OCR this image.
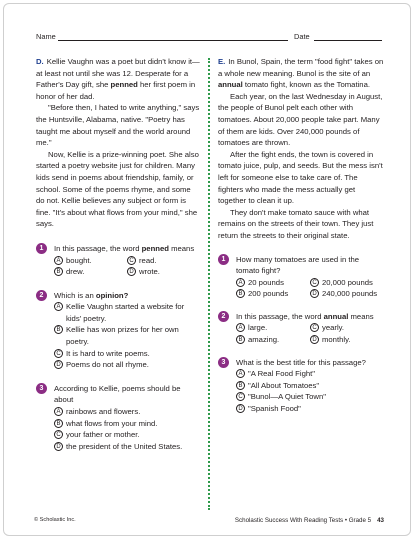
Name	Date

D. Kellie Vaughn was a poet but didn't know it—at least not until she was 12. Desperate for a Father's Day gift, she penned her first poem in honor of her dad.

"Before then, I hated to write anything," says the Huntsville, Alabama, native. "Poetry has taught me about myself and the world around me."

Now, Kellie is a prize-winning poet. She also started a poetry website just for children. Many kids send in poems about friendship, family, or school. Some of the poems rhyme, and some do not. Kellie believes any subject or form is fine. "It's about what flows from your mind," she says.

1	In this passage, the word penned means
A bought.	C read.
B drew.	D wrote.
2	Which is an opinion?
A Kellie Vaughn started a website for kids' poetry.
B Kellie has won prizes for her own poetry.
C It is hard to write poems.
D Poems do not all rhyme.
3	According to Kellie, poems should be about
A rainbows and flowers.
B what flows from your mind.
C your father or mother.
D the president of the United States.

E. In Bunol, Spain, the term "food fight" takes on a whole new meaning. Bunol is the site of an annual tomato fight, known as the Tomatina.

Each year, on the last Wednesday in August, the people of Bunol pelt each other with tomatoes. About 20,000 people take part. Many of them are kids. Over 240,000 pounds of tomatoes are thrown.

After the fight ends, the town is covered in tomato juice, pulp, and seeds. But the mess isn't left for someone else to take care of. The fighters who made the mess actually get together to clean it up.

They don't make tomato sauce with what remains on the streets of their town. They just return the streets to their original state.

1	How many tomatoes are used in the tomato fight?
A 20 pounds	C 20,000 pounds
B 200 pounds	D 240,000 pounds
2	In this passage, the word annual means
A large.	C yearly.
B amazing.	D monthly.
3	What is the best title for this passage?
A "A Real Food Fight"
B "All About Tomatoes"
C "Bunol—A Quiet Town"
D "Spanish Food"
© Scholastic Inc.	Scholastic Success With Reading Tests • Grade 5 43
